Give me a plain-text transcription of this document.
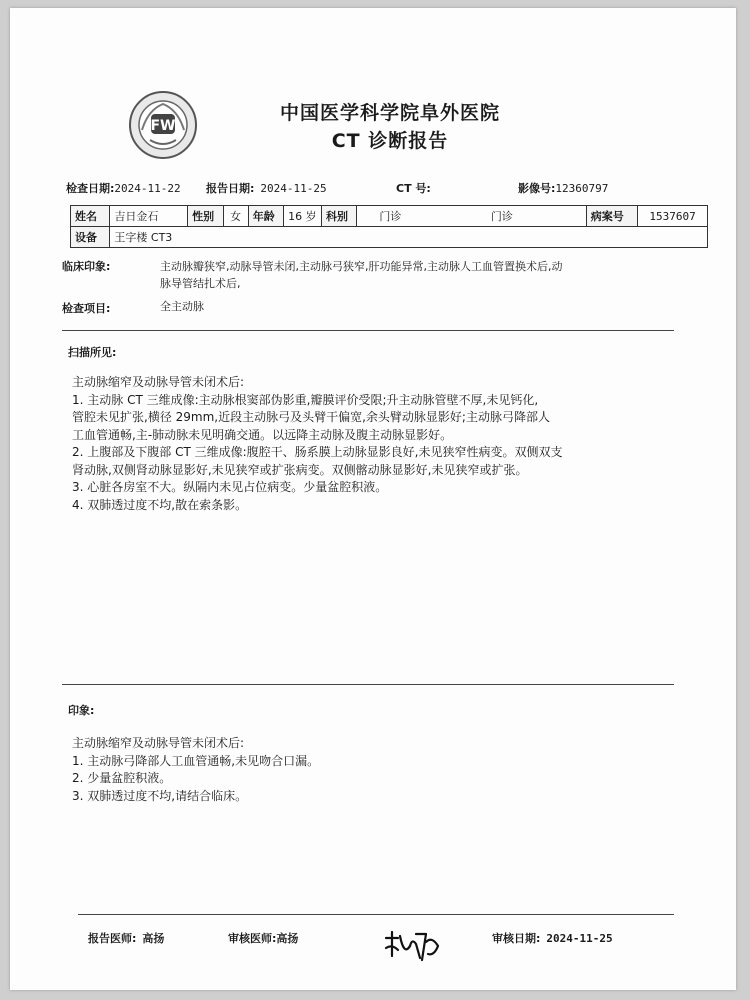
FW
中国医学科学院阜外医院
CT 诊断报告
检查日期:2024-11-22 报告日期: 2024-11-25	CT 号:	影像号:12360797
姓名	吉日金石	性别	女	年龄	16 岁	科别	门诊 门诊	病案号	1537607
设备	王字楼 CT3								
临床印象:	主动脉瓣狭窄,动脉导管未闭,主动脉弓狭窄,肝功能异常,主动脉人工血管置换术后,动
脉导管结扎术后,
检查项目:	全主动脉
扫描所见:
主动脉缩窄及动脉导管未闭术后:
1. 主动脉 CT 三维成像:主动脉根窦部伪影重,瓣膜评价受限;升主动脉管壁不厚,未见钙化,
管腔未见扩张,横径 29mm,近段主动脉弓及头臂干偏宽,余头臂动脉显影好;主动脉弓降部人
工血管通畅,主-肺动脉未见明确交通。以远降主动脉及腹主动脉显影好。
2. 上腹部及下腹部 CT 三维成像:腹腔干、肠系膜上动脉显影良好,未见狭窄性病变。双侧双支
肾动脉,双侧肾动脉显影好,未见狭窄或扩张病变。双侧髂动脉显影好,未见狭窄或扩张。
3. 心脏各房室不大。纵隔内未见占位病变。少量盆腔积液。
4. 双肺透过度不均,散在索条影。
印象:
主动脉缩窄及动脉导管未闭术后:
1. 主动脉弓降部人工血管通畅,未见吻合口漏。
2. 少量盆腔积液。
3. 双肺透过度不均,请结合临床。
报告医师: 高扬	审核医师:高扬	审核日期: 2024-11-25
